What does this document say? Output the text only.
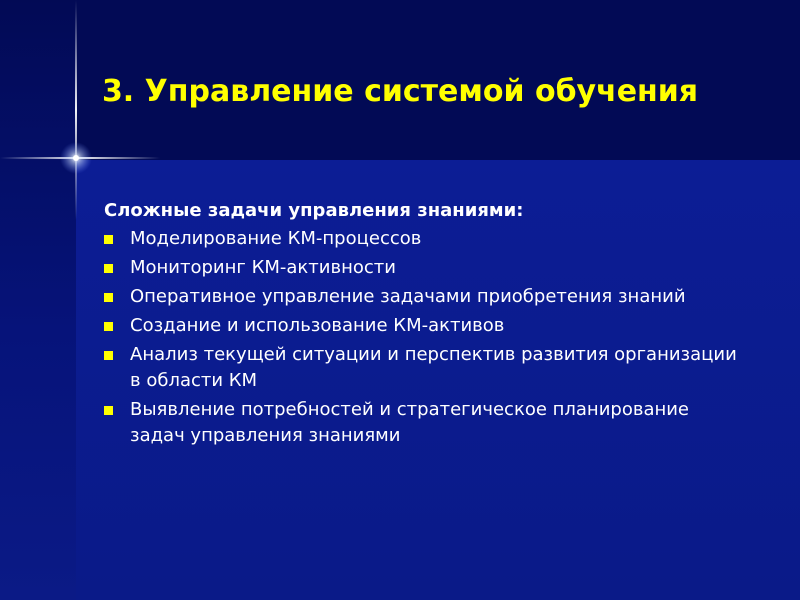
3. Управление системой обучения

Сложные задачи управления знаниями:

Моделирование КМ-процессов
Мониторинг КМ-активности
Оперативное управление задачами приобретения знаний
Создание и использование КМ-активов
Анализ текущей ситуации и перспектив развития организации в области КМ
Выявление потребностей и стратегическое планирование задач управления знаниями
